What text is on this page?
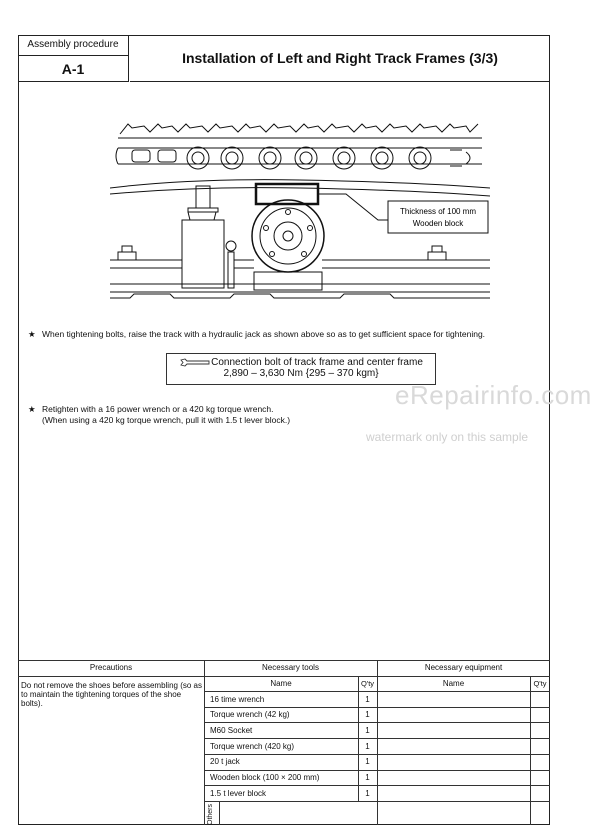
Assembly procedure
A-1
Installation of Left and Right Track Frames (3/3)
Thickness of 100 mm
Wooden block
★ When tightening bolts, raise the track with a hydraulic jack as shown above so as to get sufficient space for tightening.
Connection bolt of track frame and center frame
2,890 – 3,630 Nm {295 – 370 kgm}
★ Retighten with a 16 power wrench or a 420 kg torque wrench.
(When using a 420 kg torque wrench, pull it with 1.5 t lever block.)
eRepairinfo.com
watermark only on this sample
Precautions	Necessary tools	Necessary equipment
Name	Q'ty	Name	Q'ty
Do not remove the shoes before assembling (so as to maintain the tightening torques of the shoe bolts).	16 time wrench	1
Torque wrench (42 kg)	1
M60 Socket	1
Torque wrench (420 kg)	1
20 t jack	1
Wooden block (100 × 200 mm)	1
1.5 t lever block	1
Others
